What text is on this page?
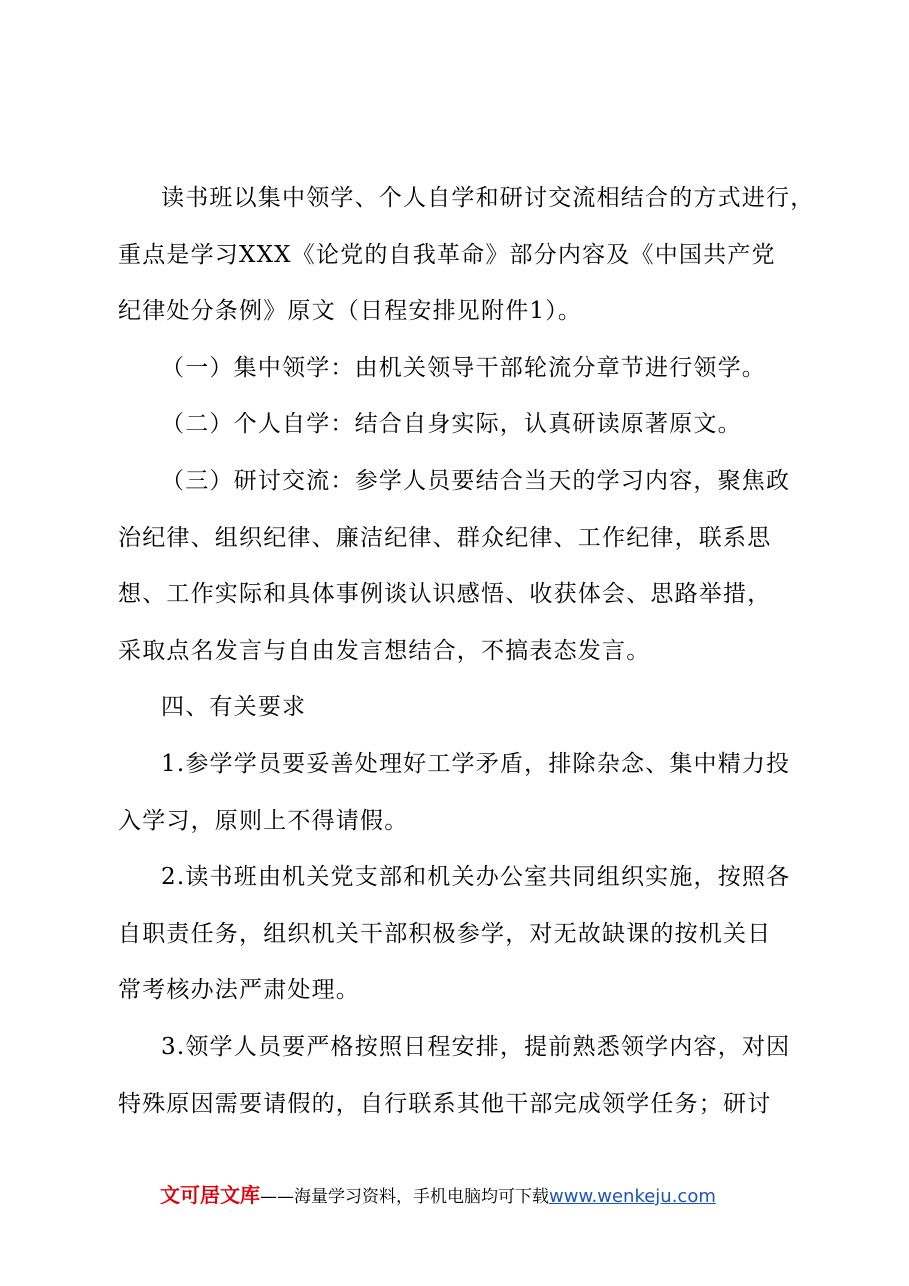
读书班以集中领学、个人自学和研讨交流相结合的方式进行，
重点是学习XXX《论党的自我革命》部分内容及《中国共产党
纪律处分条例》原文（日程安排见附件1）。
（一）集中领学：由机关领导干部轮流分章节进行领学。
（二）个人自学：结合自身实际，认真研读原著原文。
（三）研讨交流：参学人员要结合当天的学习内容，聚焦政
治纪律、组织纪律、廉洁纪律、群众纪律、工作纪律，联系思
想、工作实际和具体事例谈认识感悟、收获体会、思路举措，
采取点名发言与自由发言想结合，不搞表态发言。
四、有关要求
1.参学学员要妥善处理好工学矛盾，排除杂念、集中精力投
入学习，原则上不得请假。
2.读书班由机关党支部和机关办公室共同组织实施，按照各
自职责任务，组织机关干部积极参学，对无故缺课的按机关日
常考核办法严肃处理。
3.领学人员要严格按照日程安排，提前熟悉领学内容，对因
特殊原因需要请假的，自行联系其他干部完成领学任务；研讨
文可居文库——海量学习资料，手机电脑均可下载www.wenkeju.com
